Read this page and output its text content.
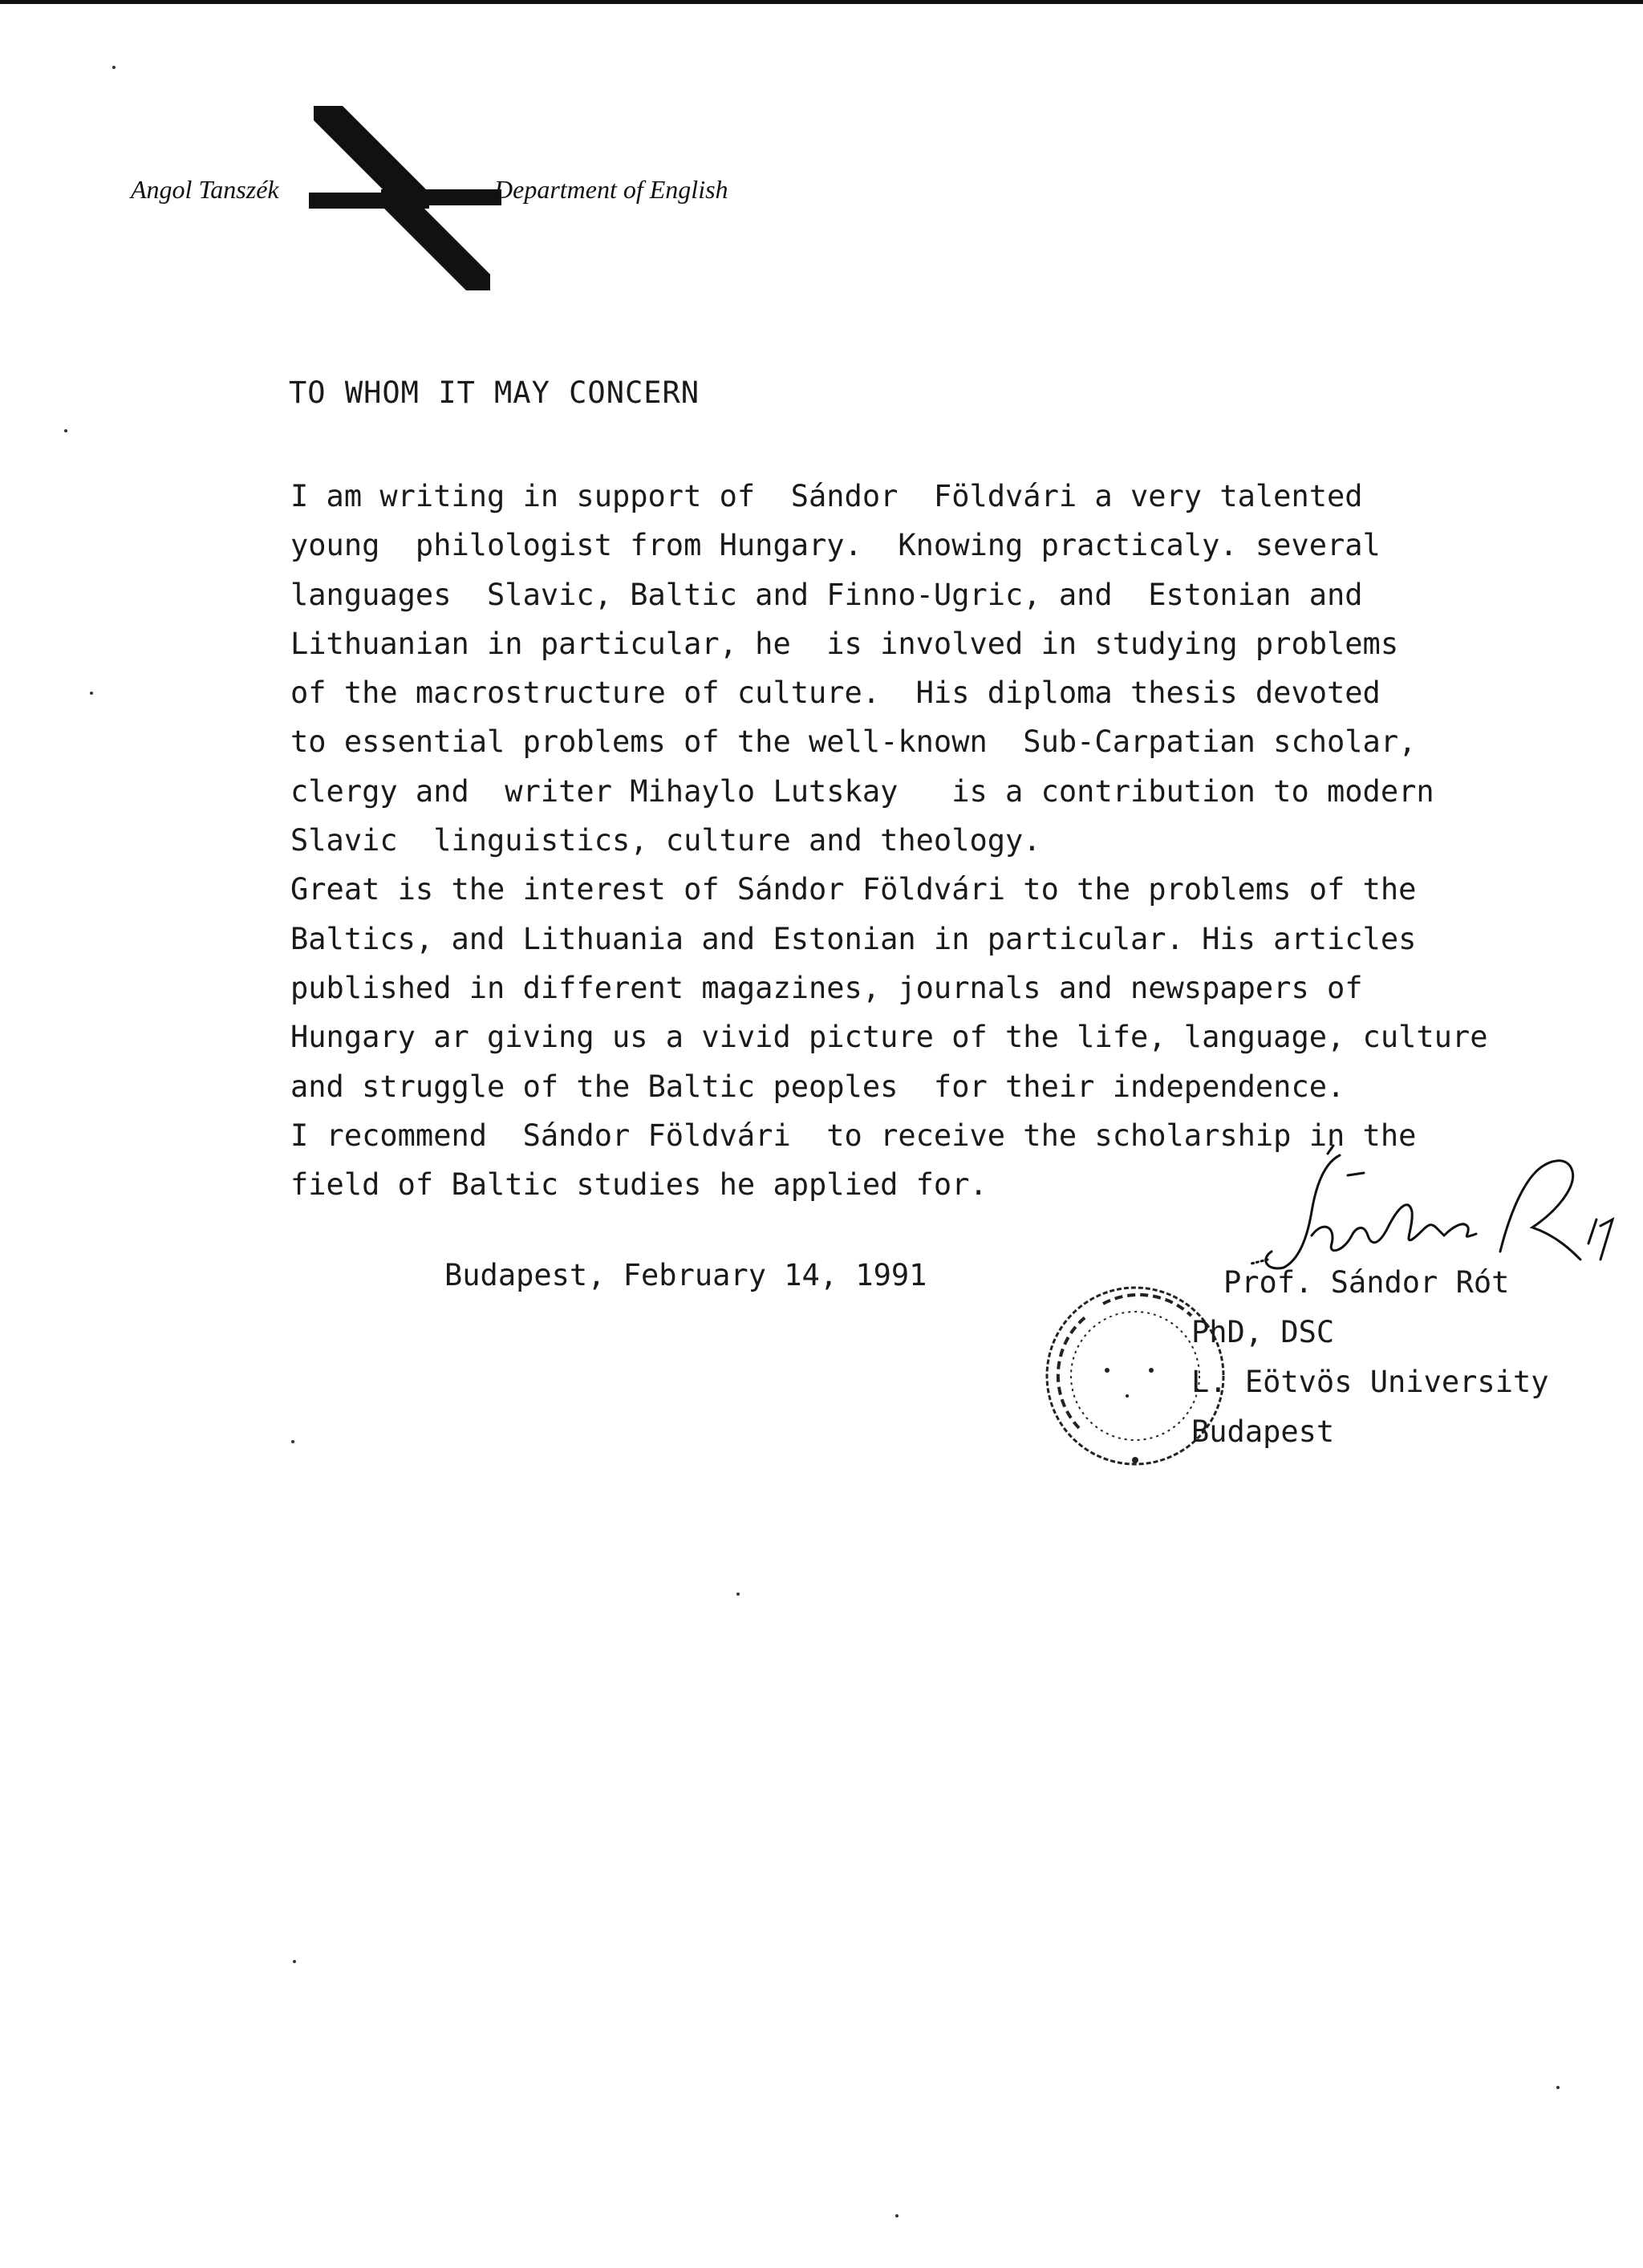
Angol Tanszék	Department of English
TO WHOM IT MAY CONCERN
I am writing in support of  Sándor  Földvári a very talented
young  philologist from Hungary.  Knowing practicaly. several
languages  Slavic, Baltic and Finno-Ugric, and  Estonian and
Lithuanian in particular, he  is involved in studying problems
of the macrostructure of culture.  His diploma thesis devoted
to essential problems of the well-known  Sub-Carpatian scholar,
clergy and  writer Mihaylo Lutskay   is a contribution to modern
Slavic  linguistics, culture and theology.
Great is the interest of Sándor Földvári to the problems of the
Baltics, and Lithuania and Estonian in particular. His articles
published in different magazines, journals and newspapers of
Hungary ar giving us a vivid picture of the life, language, culture
and struggle of the Baltic peoples  for their independence.
I recommend  Sándor Földvári  to receive the scholarship in the
field of Baltic studies he applied for.
Budapest, February 14, 1991	Prof. Sándor Rót
PhD, DSC
L. Eötvös University
Budapest
